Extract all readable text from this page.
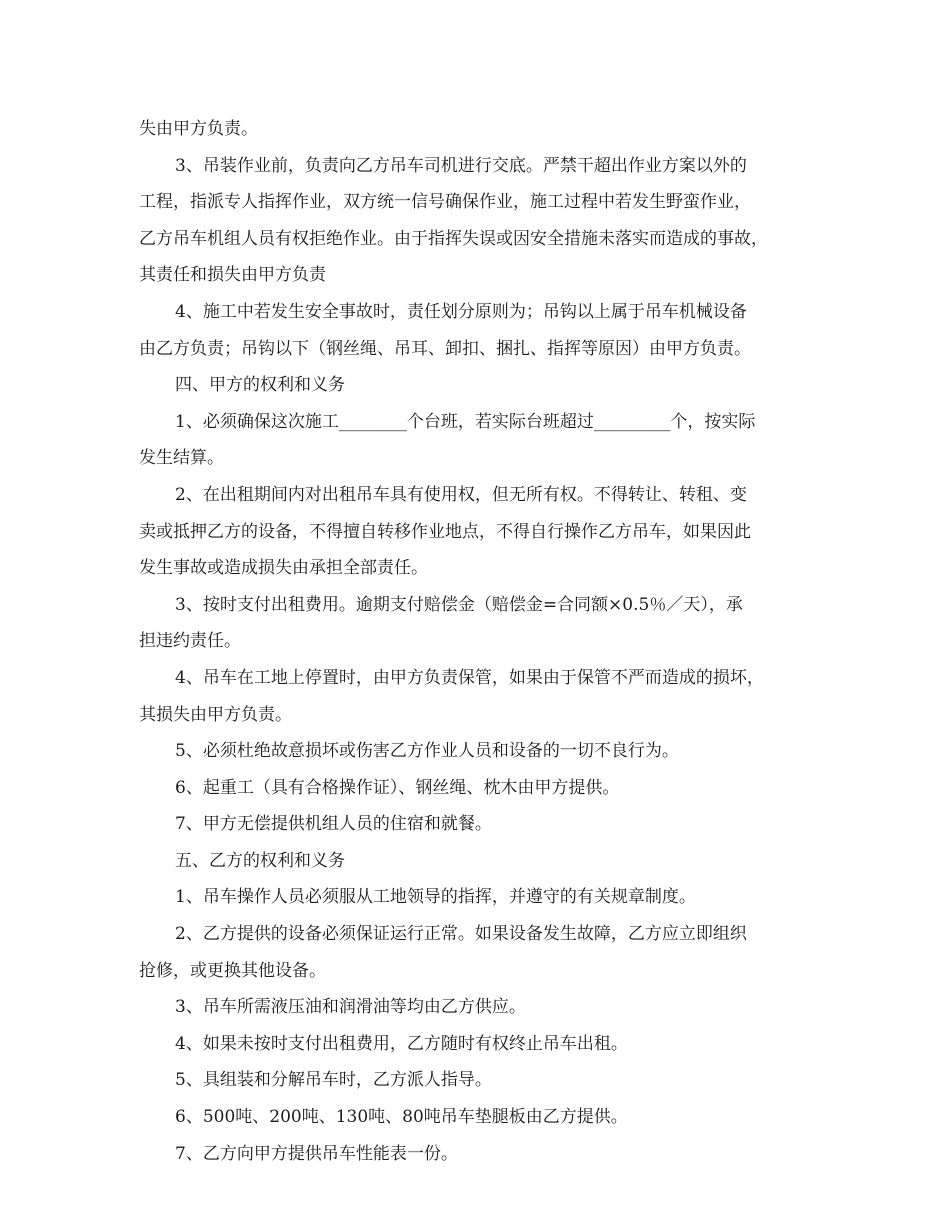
失由甲方负责。
3、吊装作业前，负责向乙方吊车司机进行交底。严禁干超出作业方案以外的
工程，指派专人指挥作业，双方统一信号确保作业，施工过程中若发生野蛮作业，
乙方吊车机组人员有权拒绝作业。由于指挥失误或因安全措施未落实而造成的事故，
其责任和损失由甲方负责
4、施工中若发生安全事故时，责任划分原则为；吊钩以上属于吊车机械设备
由乙方负责；吊钩以下（钢丝绳、吊耳、卸扣、捆扎、指挥等原因）由甲方负责。
四、甲方的权利和义务
1、必须确保这次施工________个台班，若实际台班超过_________个，按实际
发生结算。
2、在出租期间内对出租吊车具有使用权，但无所有权。不得转让、转租、变
卖或抵押乙方的设备，不得擅自转移作业地点，不得自行操作乙方吊车，如果因此
发生事故或造成损失由承担全部责任。
3、按时支付出租费用。逾期支付赔偿金（赔偿金=合同额×0.5％／天），承
担违约责任。
4、吊车在工地上停置时，由甲方负责保管，如果由于保管不严而造成的损坏，
其损失由甲方负责。
5、必须杜绝故意损坏或伤害乙方作业人员和设备的一切不良行为。
6、起重工（具有合格操作证）、钢丝绳、枕木由甲方提供。
7、甲方无偿提供机组人员的住宿和就餐。
五、乙方的权利和义务
1、吊车操作人员必须服从工地领导的指挥，并遵守的有关规章制度。
2、乙方提供的设备必须保证运行正常。如果设备发生故障，乙方应立即组织
抢修，或更换其他设备。
3、吊车所需液压油和润滑油等均由乙方供应。
4、如果未按时支付出租费用，乙方随时有权终止吊车出租。
5、具组装和分解吊车时，乙方派人指导。
6、500吨、200吨、130吨、80吨吊车垫腿板由乙方提供。
7、乙方向甲方提供吊车性能表一份。
